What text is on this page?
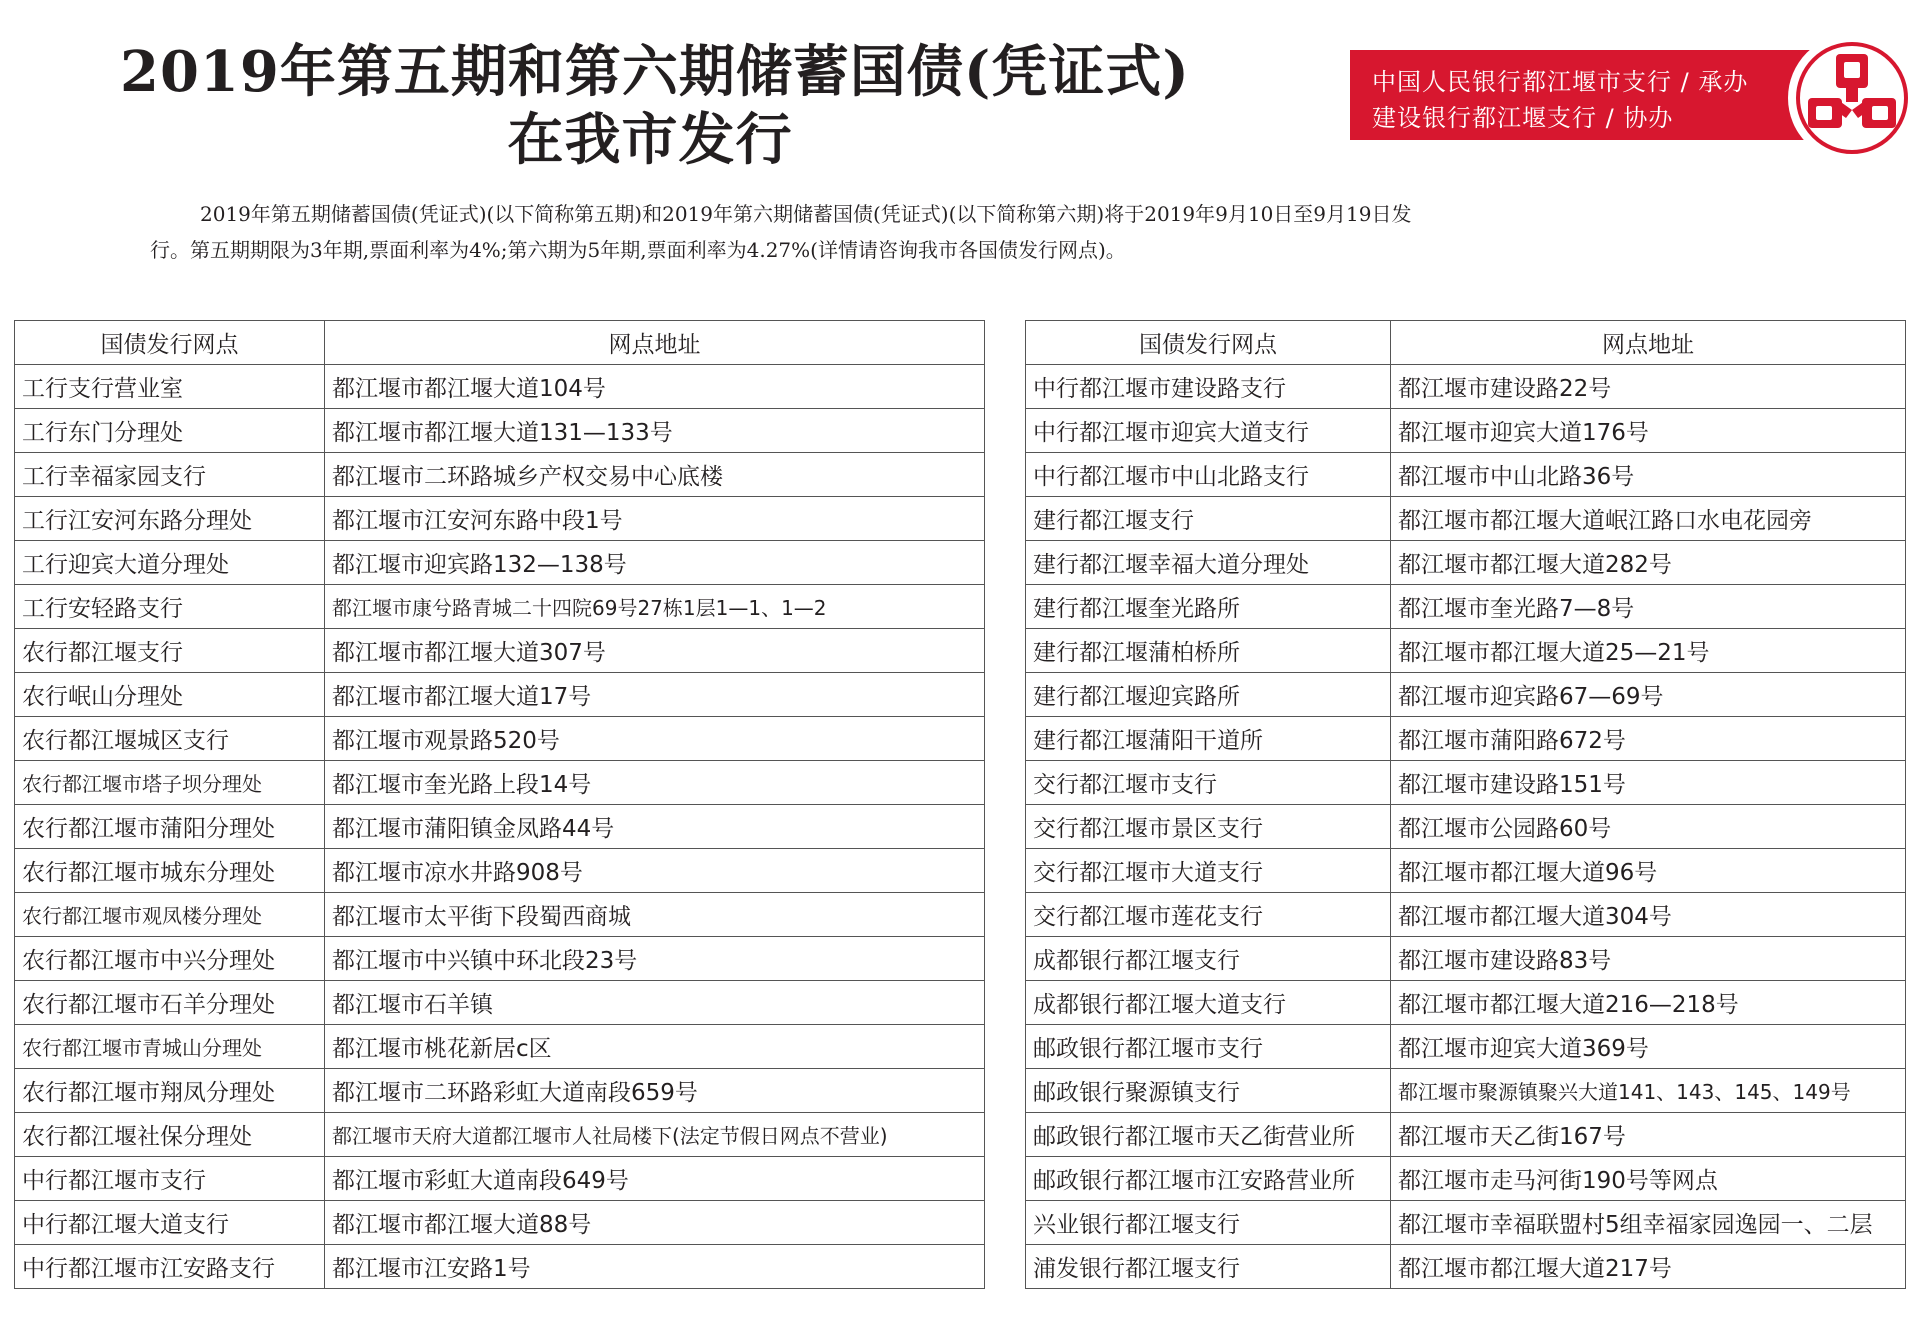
2019年第五期和第六期储蓄国债(凭证式)
在我市发行
中国人民银行都江堰市支行 / 承办
建设银行都江堰支行 / 协办
2019年第五期储蓄国债(凭证式)(以下简称第五期)和2019年第六期储蓄国债(凭证式)(以下简称第六期)将于2019年9月10日至9月19日发
行。第五期期限为3年期,票面利率为4%;第六期为5年期,票面利率为4.27%(详情请咨询我市各国债发行网点)。
国债发行网点	网点地址
工行支行营业室	都江堰市都江堰大道104号
工行东门分理处	都江堰市都江堰大道131—133号
工行幸福家园支行	都江堰市二环路城乡产权交易中心底楼
工行江安河东路分理处	都江堰市江安河东路中段1号
工行迎宾大道分理处	都江堰市迎宾路132—138号
工行安轻路支行	都江堰市康兮路青城二十四院69号27栋1层1—1、1—2
农行都江堰支行	都江堰市都江堰大道307号
农行岷山分理处	都江堰市都江堰大道17号
农行都江堰城区支行	都江堰市观景路520号
农行都江堰市塔子坝分理处	都江堰市奎光路上段14号
农行都江堰市蒲阳分理处	都江堰市蒲阳镇金凤路44号
农行都江堰市城东分理处	都江堰市凉水井路908号
农行都江堰市观凤楼分理处	都江堰市太平街下段蜀西商城
农行都江堰市中兴分理处	都江堰市中兴镇中环北段23号
农行都江堰市石羊分理处	都江堰市石羊镇
农行都江堰市青城山分理处	都江堰市桃花新居c区
农行都江堰市翔凤分理处	都江堰市二环路彩虹大道南段659号
农行都江堰社保分理处	都江堰市天府大道都江堰市人社局楼下(法定节假日网点不营业)
中行都江堰市支行	都江堰市彩虹大道南段649号
中行都江堰大道支行	都江堰市都江堰大道88号
中行都江堰市江安路支行	都江堰市江安路1号
国债发行网点	网点地址
中行都江堰市建设路支行	都江堰市建设路22号
中行都江堰市迎宾大道支行	都江堰市迎宾大道176号
中行都江堰市中山北路支行	都江堰市中山北路36号
建行都江堰支行	都江堰市都江堰大道岷江路口水电花园旁
建行都江堰幸福大道分理处	都江堰市都江堰大道282号
建行都江堰奎光路所	都江堰市奎光路7—8号
建行都江堰蒲柏桥所	都江堰市都江堰大道25—21号
建行都江堰迎宾路所	都江堰市迎宾路67—69号
建行都江堰蒲阳干道所	都江堰市蒲阳路672号
交行都江堰市支行	都江堰市建设路151号
交行都江堰市景区支行	都江堰市公园路60号
交行都江堰市大道支行	都江堰市都江堰大道96号
交行都江堰市莲花支行	都江堰市都江堰大道304号
成都银行都江堰支行	都江堰市建设路83号
成都银行都江堰大道支行	都江堰市都江堰大道216—218号
邮政银行都江堰市支行	都江堰市迎宾大道369号
邮政银行聚源镇支行	都江堰市聚源镇聚兴大道141、143、145、149号
邮政银行都江堰市天乙街营业所	都江堰市天乙街167号
邮政银行都江堰市江安路营业所	都江堰市走马河街190号等网点
兴业银行都江堰支行	都江堰市幸福联盟村5组幸福家园逸园一、二层
浦发银行都江堰支行	都江堰市都江堰大道217号
